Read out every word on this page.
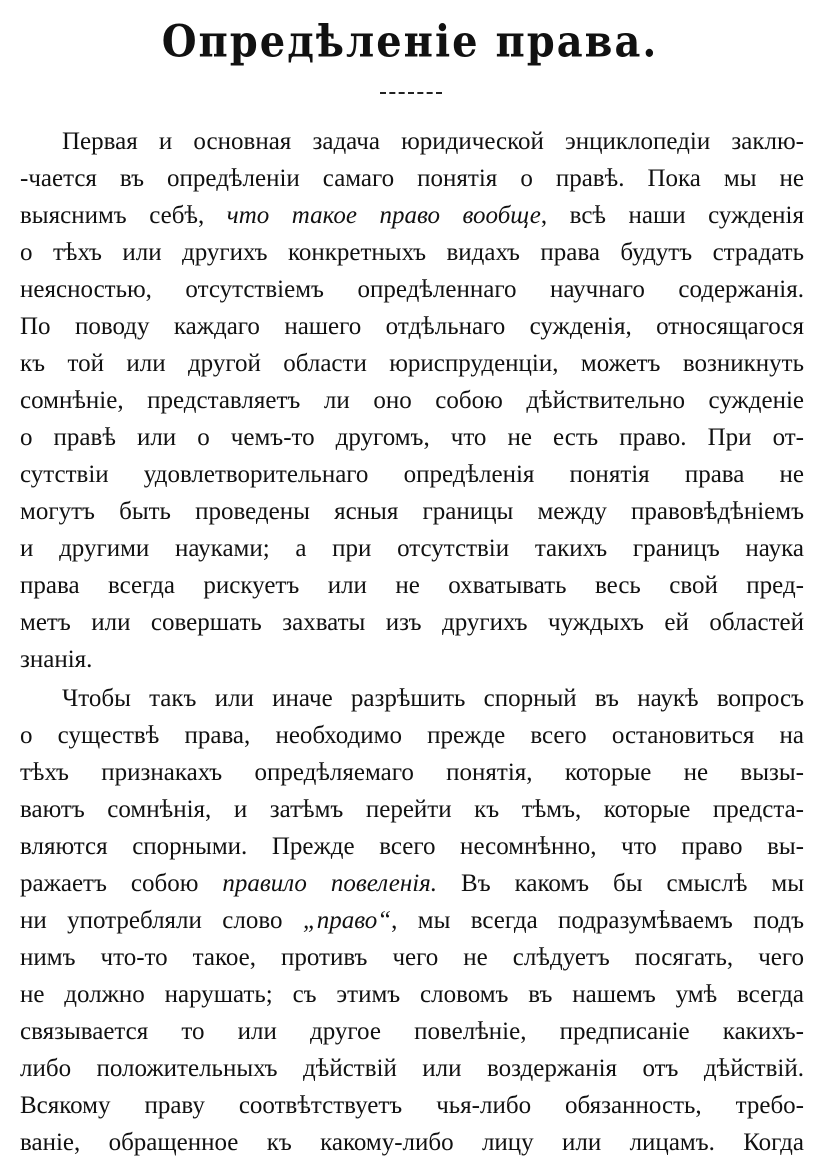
Опредѣленіе права.
Первая и основная задача юридической энциклопедіи заклю-
-чается въ опредѣленіи самаго понятія о правѣ. Пока мы не
выяснимъ себѣ, что такое право вообще, всѣ наши сужденія
о тѣхъ или другихъ конкретныхъ видахъ права будутъ страдать
неясностью, отсутствіемъ опредѣленнаго научнаго содержанія.
По поводу каждаго нашего отдѣльнаго сужденія, относящагося
къ той или другой области юриспруденціи, можетъ возникнуть
сомнѣніе, представляетъ ли оно собою дѣйствительно сужденіе
о правѣ или о чемъ-то другомъ, что не есть право. При от-
сутствіи удовлетворительнаго опредѣленія понятія права не
могутъ быть проведены ясныя границы между правовѣдѣніемъ
и другими науками; а при отсутствіи такихъ границъ наука
права всегда рискуетъ или не охватывать весь свой пред-
метъ или совершать захваты изъ другихъ чуждыхъ ей областей
знанія.
Чтобы такъ или иначе разрѣшить спорный въ наукѣ вопросъ
о существѣ права, необходимо прежде всего остановиться на
тѣхъ признакахъ опредѣляемаго понятія, которые не вызы-
ваютъ сомнѣнія, и затѣмъ перейти къ тѣмъ, которые предста-
вляются спорными. Прежде всего несомнѣнно, что право вы-
ражаетъ собою правило повеленія. Въ какомъ бы смыслѣ мы
ни употребляли слово „право“, мы всегда подразумѣваемъ подъ
нимъ что-то такое, противъ чего не слѣдуетъ посягать, чего
не должно нарушать; съ этимъ словомъ въ нашемъ умѣ всегда
связывается то или другое повелѣніе, предписаніе какихъ-
либо положительныхъ дѣйствій или воздержанія отъ дѣйствій.
Всякому праву соотвѣтствуетъ чья-либо обязанность, требо-
ваніе, обращенное къ какому-либо лицу или лицамъ. Когда
